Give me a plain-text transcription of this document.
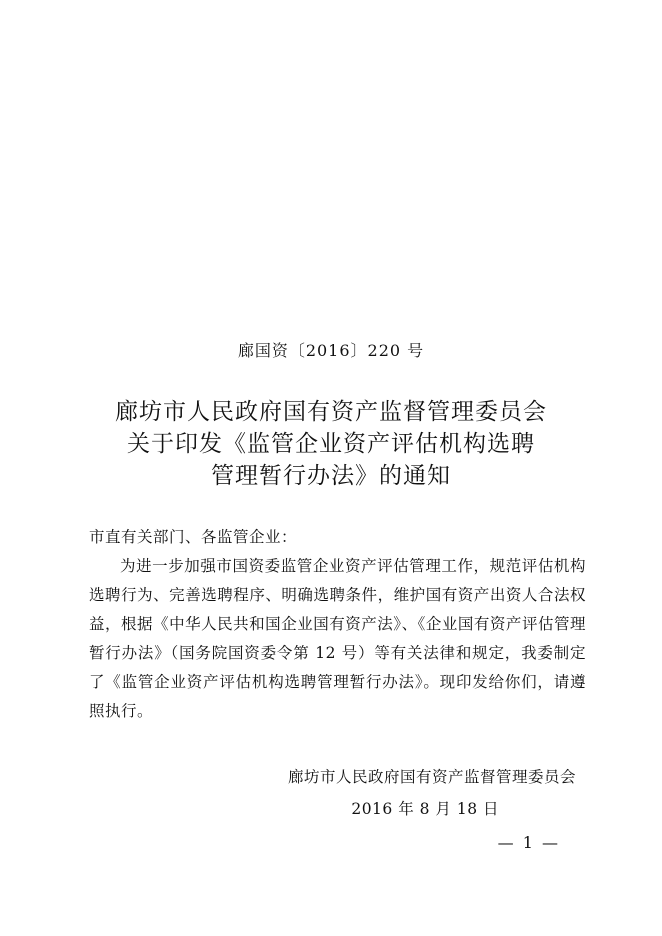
廊国资〔2016〕220 号
廊坊市人民政府国有资产监督管理委员会
关于印发《监管企业资产评估机构选聘
管理暂行办法》的通知

市直有关部门、各监管企业：

为进一步加强市国资委监管企业资产评估管理工作，规范评估机构选聘行为、完善选聘程序、明确选聘条件，维护国有资产出资人合法权益，根据《中华人民共和国企业国有资产法》、《企业国有资产评估管理暂行办法》（国务院国资委令第 12 号）等有关法律和规定，我委制定了《监管企业资产评估机构选聘管理暂行办法》。现印发给你们，请遵照执行。

廊坊市人民政府国有资产监督管理委员会
2016 年 8 月 18 日
— 1 —
